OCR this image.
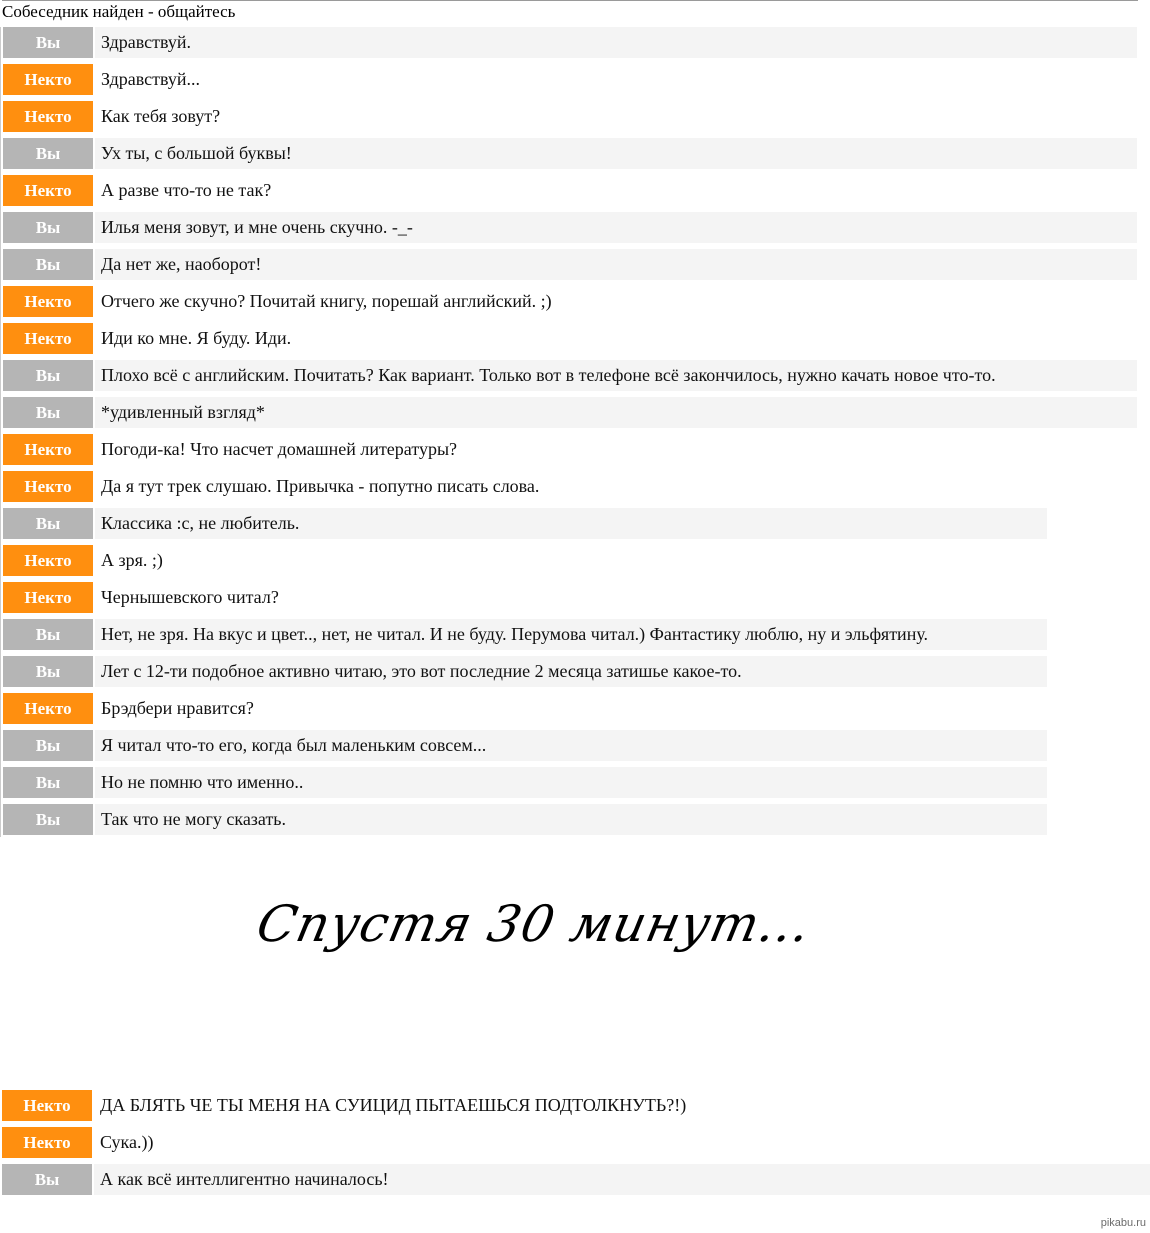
Собеседник найден - общайтесь
Вы	Здравствуй.
Некто	Здравствуй...
Некто	Как тебя зовут?
Вы	Ух ты, с большой буквы!
Некто	А разве что-то не так?
Вы	Илья меня зовут, и мне очень скучно. -_-
Вы	Да нет же, наоборот!
Некто	Отчего же скучно? Почитай книгу, порешай английский. ;)
Некто	Иди ко мне. Я буду. Иди.
Вы	Плохо всё с английским. Почитать? Как вариант. Только вот в телефоне всё закончилось, нужно качать новое что-то.
Вы	*удивленный взгляд*
Некто	Погоди-ка! Что насчет домашней литературы?
Некто	Да я тут трек слушаю. Привычка - попутно писать слова.
Вы	Классика :с, не любитель.
Некто	А зря. ;)
Некто	Чернышевского читал?
Вы	Нет, не зря. На вкус и цвет.., нет, не читал. И не буду. Перумова читал.) Фантастику люблю, ну и эльфятину.
Вы	Лет с 12-ти подобное активно читаю, это вот последние 2 месяца затишье какое-то.
Некто	Брэдбери нравится?
Вы	Я читал что-то его, когда был маленьким совсем...
Вы	Но не помню что именно..
Вы	Так что не могу сказать.
Спустя 30 минут...
Некто	ДА БЛЯТЬ ЧЕ ТЫ МЕНЯ НА СУИЦИД ПЫТАЕШЬСЯ ПОДТОЛКНУТЬ?!)
Некто	Сука.))
Вы	А как всё интеллигентно начиналось!
pikabu.ru
